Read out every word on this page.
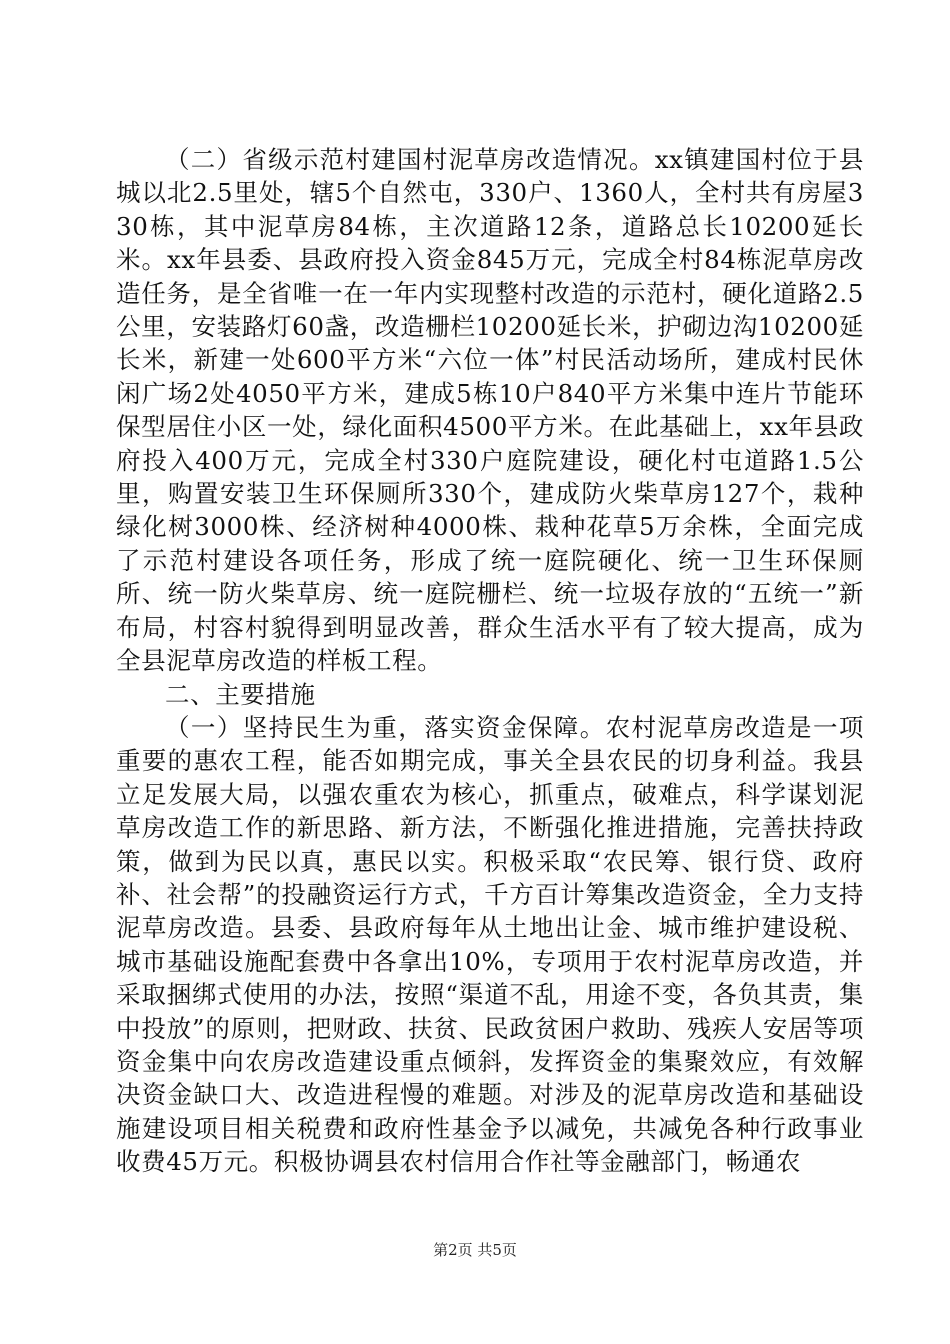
（二）省级示范村建国村泥草房改造情况。xx镇建国村位于县城以北2.5里处，辖5个自然屯，330户、1360人，全村共有房屋330栋，其中泥草房84栋，主次道路12条，道路总长10200延长米。xx年县委、县政府投入资金845万元，完成全村84栋泥草房改造任务，是全省唯一在一年内实现整村改造的示范村，硬化道路2.5公里，安装路灯60盏，改造栅栏10200延长米，护砌边沟10200延长米，新建一处600平方米“六位一体”村民活动场所，建成村民休闲广场2处4050平方米，建成5栋10户840平方米集中连片节能环保型居住小区一处，绿化面积4500平方米。在此基础上，xx年县政府投入400万元，完成全村330户庭院建设，硬化村屯道路1.5公里，购置安装卫生环保厕所330个，建成防火柴草房127个，栽种绿化树3000株、经济树种4000株、栽种花草5万余株，全面完成了示范村建设各项任务，形成了统一庭院硬化、统一卫生环保厕所、统一防火柴草房、统一庭院栅栏、统一垃圾存放的“五统一”新布局，村容村貌得到明显改善，群众生活水平有了较大提高，成为全县泥草房改造的样板工程。

二、主要措施

（一）坚持民生为重，落实资金保障。农村泥草房改造是一项重要的惠农工程，能否如期完成，事关全县农民的切身利益。我县立足发展大局，以强农重农为核心，抓重点，破难点，科学谋划泥草房改造工作的新思路、新方法，不断强化推进措施，完善扶持政策，做到为民以真，惠民以实。积极采取“农民筹、银行贷、政府补、社会帮”的投融资运行方式，千方百计筹集改造资金，全力支持泥草房改造。县委、县政府每年从土地出让金、城市维护建设税、城市基础设施配套费中各拿出10%，专项用于农村泥草房改造，并采取捆绑式使用的办法，按照“渠道不乱，用途不变，各负其责，集中投放”的原则，把财政、扶贫、民政贫困户救助、残疾人安居等项资金集中向农房改造建设重点倾斜，发挥资金的集聚效应，有效解决资金缺口大、改造进程慢的难题。对涉及的泥草房改造和基础设施建设项目相关税费和政府性基金予以减免，共减免各种行政事业收费45万元。积极协调县农村信用合作社等金融部门，畅通农

第2页 共5页
